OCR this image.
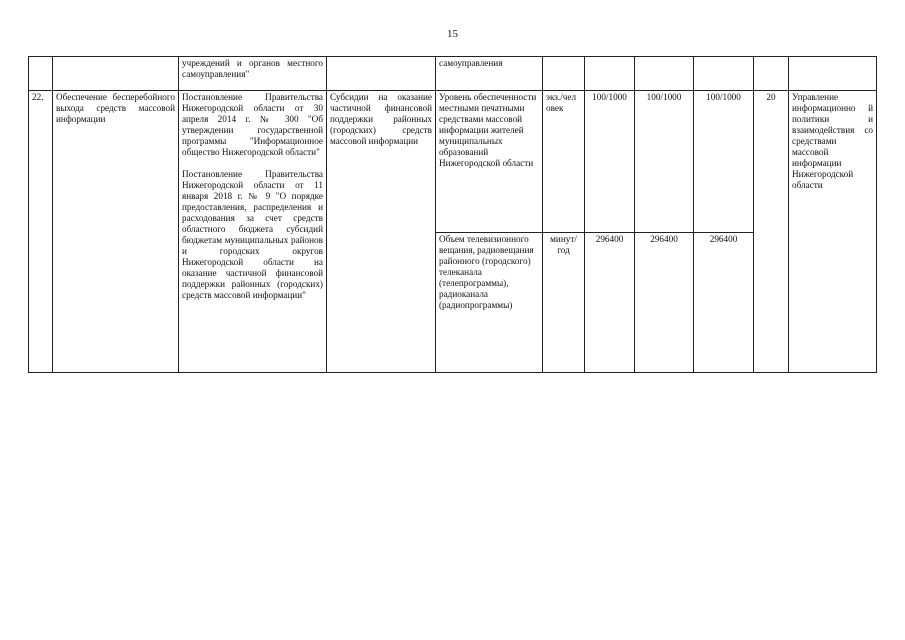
15
		учреждений и органов местного самоуправления"		самоуправления						
22.	Обеспечение бесперебойного выхода средств массовой информации	Постановление Правительства Нижегородской области от 30 апреля 2014 г. № 300 "Об утверждении государственной программы "Информационное общество Нижегородской области"
Постановление Правительства Нижегородской области от 11 января 2018 г. № 9 "О порядке предоставления, распределения и расходования за счет средств областного бюджета субсидий бюджетам муниципальных районов и городских округов Нижегородской области на оказание частичной финансовой поддержки районных (городских) средств массовой информации"	Субсидии на оказание частичной финансовой поддержки районных (городских) средств массовой информации	Уровень обеспеченности местными печатными средствами массовой информации жителей муниципальных образований Нижегородской области	экз./чел овек	100/1000	100/1000	100/1000	20	Управление информационно й политики и взаимодействия со средствами массовой информации Нижегородской области
				Объем телевизионного вещания, радиовещания районного (городского) телеканала (телепрограммы), радиоканала (радиопрограммы)	минут/ год	296400	296400	296400		
